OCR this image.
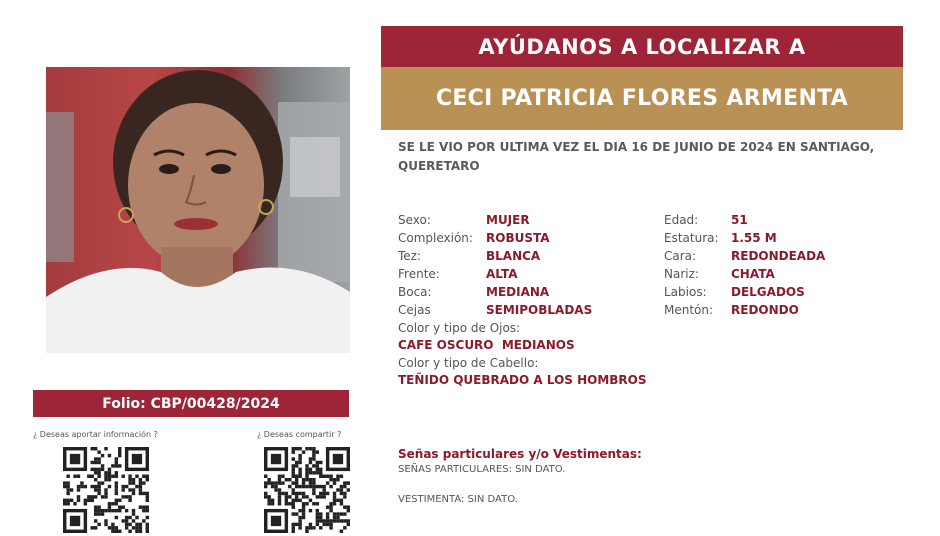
AYÚDANOS A LOCALIZAR A
CECI PATRICIA FLORES ARMENTA
SE LE VIO POR ULTIMA VEZ EL DIA 16 DE JUNIO DE 2024 EN SANTIAGO, QUERETARO
Sexo:	MUJER
Complexión: ROBUSTA
Tez:	BLANCA
Frente:	ALTA
Boca:	MEDIANA
Cejas	SEMIPOBLADAS
Edad:	51
Estatura: 1.55 M
Cara:	REDONDEADA
Nariz:	CHATA
Labios: DELGADOS
Mentón: REDONDO
Color y tipo de Ojos:
CAFE OSCURO  MEDIANOS
Color y tipo de Cabello:
TEÑIDO QUEBRADO A LOS HOMBROS
Folio: CBP/00428/2024
¿ Deseas aportar información ?	¿ Deseas compartir ?
Señas particulares y/o Vestimentas:
SEÑAS PARTICULARES: SIN DATO.
VESTIMENTA: SIN DATO.
